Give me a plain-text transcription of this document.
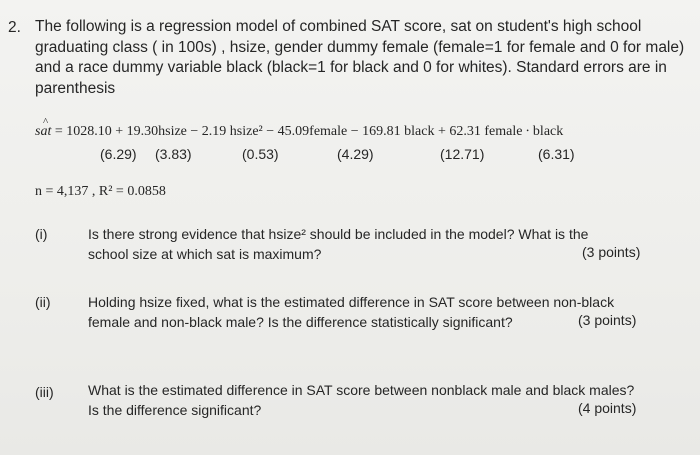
2. The following is a regression model of combined SAT score, sat on student's high school graduating class ( in 100s) , hsize, gender dummy female (female=1 for female and 0 for male) and a race dummy variable black (black=1 for black and 0 for whites). Standard errors are in parenthesis
^ sat = 1028.10 + 19.30hsize − 2.19 hsize² − 45.09female − 169.81 black + 62.31 female ∙ black
(6.29) (3.83)	(0.53)	(4.29)	(12.71)	(6.31)
n = 4,137 , R² = 0.0858
(i)	Is there strong evidence that hsize² should be included in the model? What is the
school size at which sat is maximum?	(3 points)
(ii)	Holding hsize fixed, what is the estimated difference in SAT score between non-black
female and non-black male? Is the difference statistically significant?	(3 points)
(iii) What is the estimated difference in SAT score between nonblack male and black males?
Is the difference significant?	(4 points)
